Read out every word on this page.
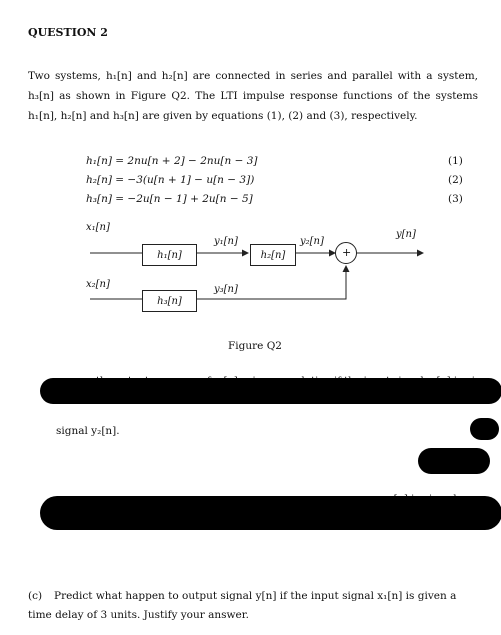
QUESTION 2
Two systems, h₁[n] and h₂[n] are connected in series and parallel with a system, h₃[n] as shown in Figure Q2. The LTI impulse response functions of the systems h₁[n], h₂[n] and h₃[n] are given by equations (1), (2) and (3), respectively.
h₁[n] = 2nu[n + 2] − 2nu[n − 3]	(1)
h₂[n] = −3(u[n + 1] − u[n − 3])	(2)
h₃[n] = −2u[n − 1] + 2u[n − 5]	(3)
h₁[n]	h₂[n]
h₃[n]
x₁[n]
x₂[n]
y₁[n]	y₂[n]
y₃[n]
y[n]
+
Figure Q2
signal y₂[n].
(c) Predict what happen to output signal y[n] if the input signal x₁[n] is given a time delay of 3 units. Justify your answer.
